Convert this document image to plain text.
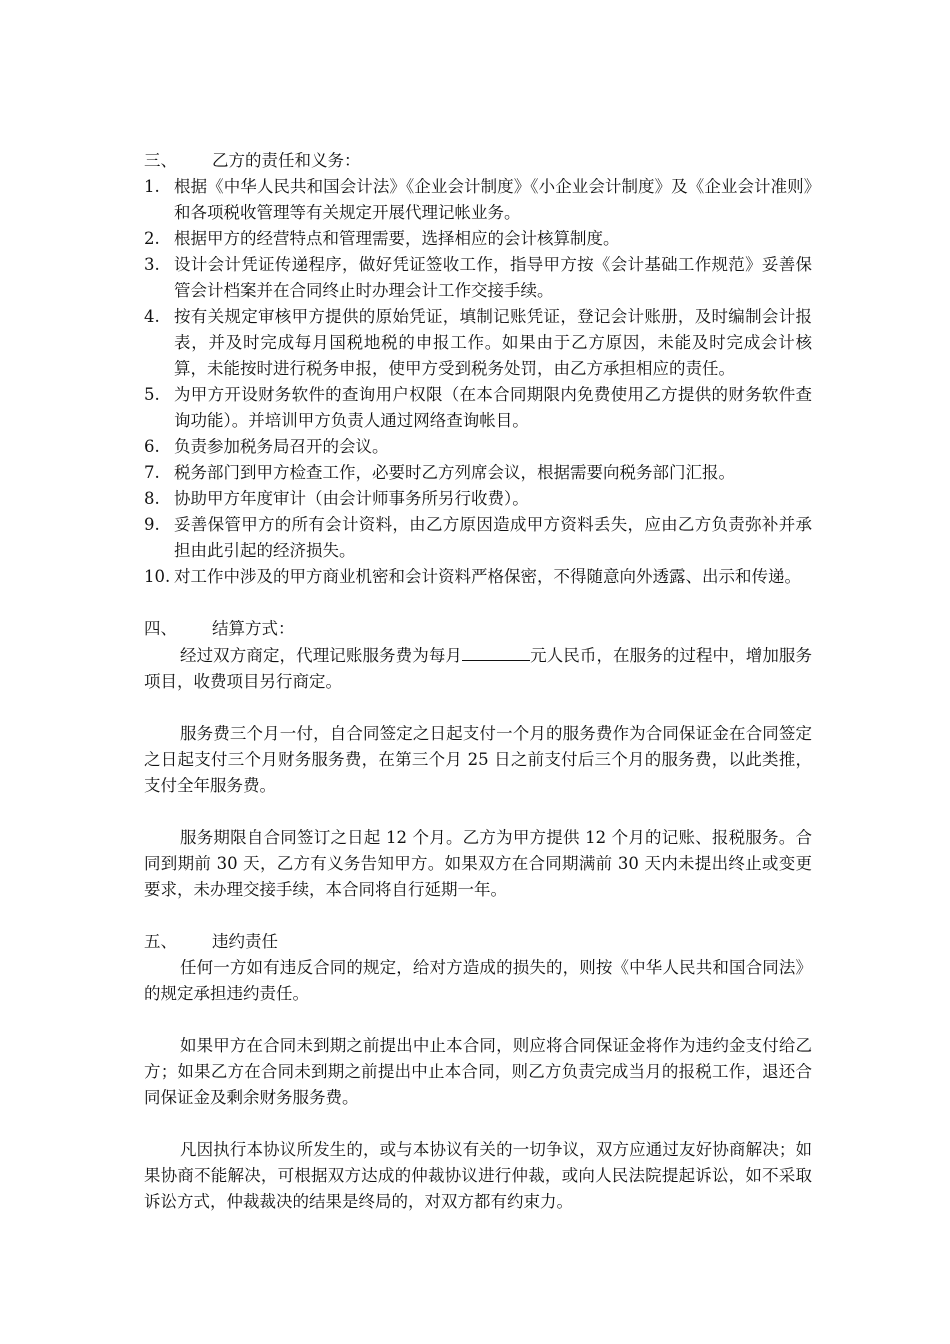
三、	乙方的责任和义务：
1. 根据《中华人民共和国会计法》《企业会计制度》《小企业会计制度》及《企业会计准则》和各项税收管理等有关规定开展代理记帐业务。
2. 根据甲方的经营特点和管理需要，选择相应的会计核算制度。
3. 设计会计凭证传递程序，做好凭证签收工作，指导甲方按《会计基础工作规范》妥善保管会计档案并在合同终止时办理会计工作交接手续。
4. 按有关规定审核甲方提供的原始凭证，填制记账凭证，登记会计账册，及时编制会计报表，并及时完成每月国税地税的申报工作。如果由于乙方原因，未能及时完成会计核算，未能按时进行税务申报，使甲方受到税务处罚，由乙方承担相应的责任。
5. 为甲方开设财务软件的查询用户权限（在本合同期限内免费使用乙方提供的财务软件查询功能）。并培训甲方负责人通过网络查询帐目。
6. 负责参加税务局召开的会议。
7. 税务部门到甲方检查工作，必要时乙方列席会议，根据需要向税务部门汇报。
8. 协助甲方年度审计（由会计师事务所另行收费）。
9. 妥善保管甲方的所有会计资料，由乙方原因造成甲方资料丢失，应由乙方负责弥补并承担由此引起的经济损失。
10. 对工作中涉及的甲方商业机密和会计资料严格保密，不得随意向外透露、出示和传递。
四、	结算方式：

经过双方商定，代理记账服务费为每月	元人民币，在服务的过程中，增加服务项目，收费项目另行商定。

服务费三个月一付，自合同签定之日起支付一个月的服务费作为合同保证金在合同签定之日起支付三个月财务服务费，在第三个月 25 日之前支付后三个月的服务费，以此类推，支付全年服务费。

服务期限自合同签订之日起 12 个月。乙方为甲方提供 12 个月的记账、报税服务。合同到期前 30 天，乙方有义务告知甲方。如果双方在合同期满前 30 天内未提出终止或变更要求，未办理交接手续，本合同将自行延期一年。

五、	违约责任

任何一方如有违反合同的规定，给对方造成的损失的，则按《中华人民共和国合同法》的规定承担违约责任。

如果甲方在合同未到期之前提出中止本合同，则应将合同保证金将作为违约金支付给乙方；如果乙方在合同未到期之前提出中止本合同，则乙方负责完成当月的报税工作，退还合同保证金及剩余财务服务费。

凡因执行本协议所发生的，或与本协议有关的一切争议，双方应通过友好协商解决；如果协商不能解决，可根据双方达成的仲裁协议进行仲裁，或向人民法院提起诉讼，如不采取诉讼方式，仲裁裁决的结果是终局的，对双方都有约束力。
